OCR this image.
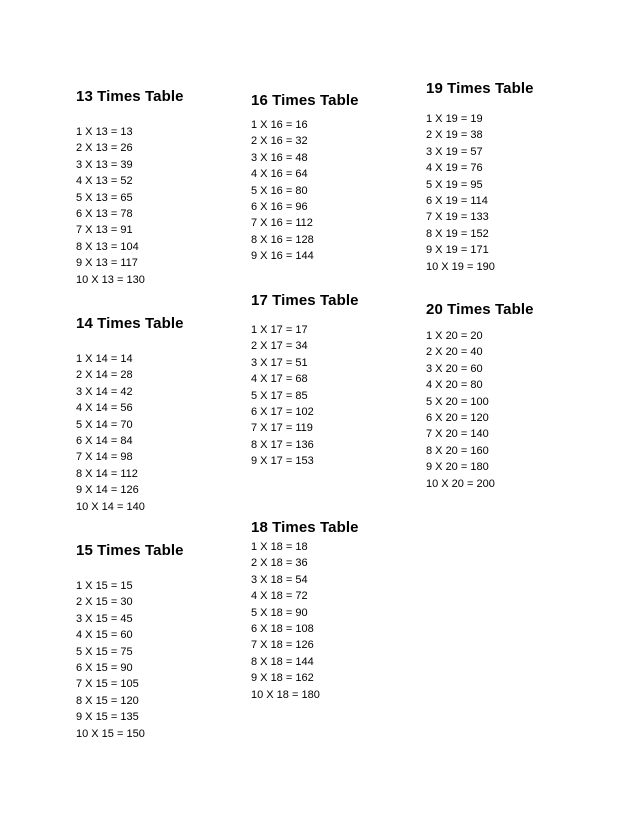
13 Times Table
1 X 13 = 13
2 X 13 = 26
3 X 13 = 39
4 X 13 = 52
5 X 13 = 65
6 X 13 = 78
7 X 13 = 91
8 X 13 = 104
9 X 13 = 117
10 X 13 = 130
14 Times Table
1 X 14 = 14
2 X 14 = 28
3 X 14 = 42
4 X 14 = 56
5 X 14 = 70
6 X 14 = 84
7 X 14 = 98
8 X 14 = 112
9 X 14 = 126
10 X 14 = 140
15 Times Table
1 X 15 = 15
2 X 15 = 30
3 X 15 = 45
4 X 15 = 60
5 X 15 = 75
6 X 15 = 90
7 X 15 = 105
8 X 15 = 120
9 X 15 = 135
10 X 15 = 150
16 Times Table
1 X 16 = 16
2 X 16 = 32
3 X 16 = 48
4 X 16 = 64
5 X 16 = 80
6 X 16 = 96
7 X 16 = 112
8 X 16 = 128
9 X 16 = 144
17 Times Table
1 X 17 = 17
2 X 17 = 34
3 X 17 = 51
4 X 17 = 68
5 X 17 = 85
6 X 17 = 102
7 X 17 = 119
8 X 17 = 136
9 X 17 = 153
18 Times Table
1 X 18 = 18
2 X 18 = 36
3 X 18 = 54
4 X 18 = 72
5 X 18 = 90
6 X 18 = 108
7 X 18 = 126
8 X 18 = 144
9 X 18 = 162
10 X 18 = 180
19 Times Table
1 X 19 = 19
2 X 19 = 38
3 X 19 = 57
4 X 19 = 76
5 X 19 = 95
6 X 19 = 114
7 X 19 = 133
8 X 19 = 152
9 X 19 = 171
10 X 19 = 190
20 Times Table
1 X 20 = 20
2 X 20 = 40
3 X 20 = 60
4 X 20 = 80
5 X 20 = 100
6 X 20 = 120
7 X 20 = 140
8 X 20 = 160
9 X 20 = 180
10 X 20 = 200
